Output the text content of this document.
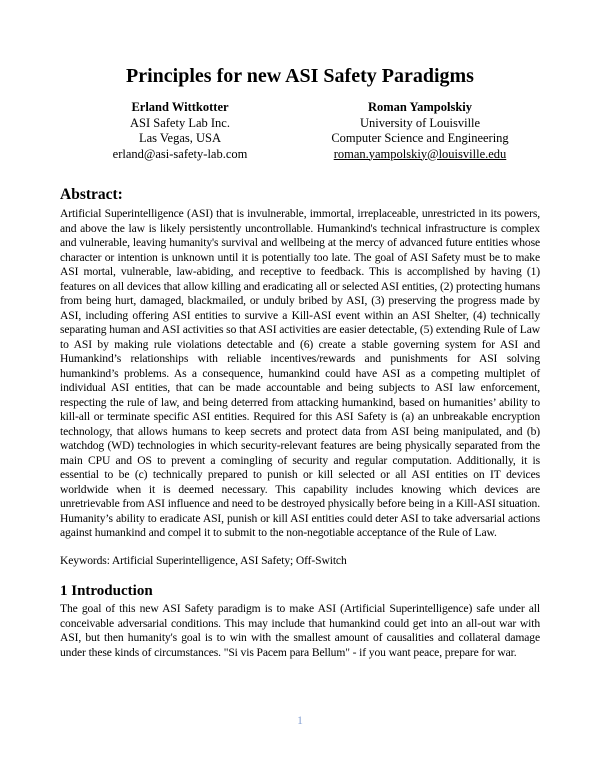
Principles for new ASI Safety Paradigms
Erland Wittkotter
ASI Safety Lab Inc.
Las Vegas, USA
erland@asi-safety-lab.com
Roman Yampolskiy
University of Louisville
Computer Science and Engineering
roman.yampolskiy@louisville.edu
Abstract:

Artificial Superintelligence (ASI) that is invulnerable, immortal, irreplaceable, unrestricted in its powers, and above the law is likely persistently uncontrollable. Humankind's technical infrastructure is complex and vulnerable, leaving humanity's survival and wellbeing at the mercy of advanced future entities whose character or intention is unknown until it is potentially too late. The goal of ASI Safety must be to make ASI mortal, vulnerable, law-abiding, and receptive to feedback. This is accomplished by having (1) features on all devices that allow killing and eradicating all or selected ASI entities, (2) protecting humans from being hurt, damaged, blackmailed, or unduly bribed by ASI, (3) preserving the progress made by ASI, including offering ASI entities to survive a Kill-ASI event within an ASI Shelter, (4) technically separating human and ASI activities so that ASI activities are easier detectable, (5) extending Rule of Law to ASI by making rule violations detectable and (6) create a stable governing system for ASI and Humankind’s relationships with reliable incentives/rewards and punishments for ASI solving humankind’s problems. As a consequence, humankind could have ASI as a competing multiplet of individual ASI entities, that can be made accountable and being subjects to ASI law enforcement, respecting the rule of law, and being deterred from attacking humankind, based on humanities’ ability to kill-all or terminate specific ASI entities. Required for this ASI Safety is (a) an unbreakable encryption technology, that allows humans to keep secrets and protect data from ASI being manipulated, and (b) watchdog (WD) technologies in which security-relevant features are being physically separated from the main CPU and OS to prevent a comingling of security and regular computation. Additionally, it is essential to be (c) technically prepared to punish or kill selected or all ASI entities on IT devices worldwide when it is deemed necessary. This capability includes knowing which devices are unretrievable from ASI influence and need to be destroyed physically before being in a Kill-ASI situation. Humanity’s ability to eradicate ASI, punish or kill ASI entities could deter ASI to take adversarial actions against humankind and compel it to submit to the non-negotiable acceptance of the Rule of Law.

Keywords: Artificial Superintelligence, ASI Safety; Off-Switch

1 Introduction

The goal of this new ASI Safety paradigm is to make ASI (Artificial Superintelligence) safe under all conceivable adversarial conditions. This may include that humankind could get into an all-out war with ASI, but then humanity's goal is to win with the smallest amount of causalities and collateral damage under these kinds of circumstances. "Si vis Pacem para Bellum" - if you want peace, prepare for war.

1
